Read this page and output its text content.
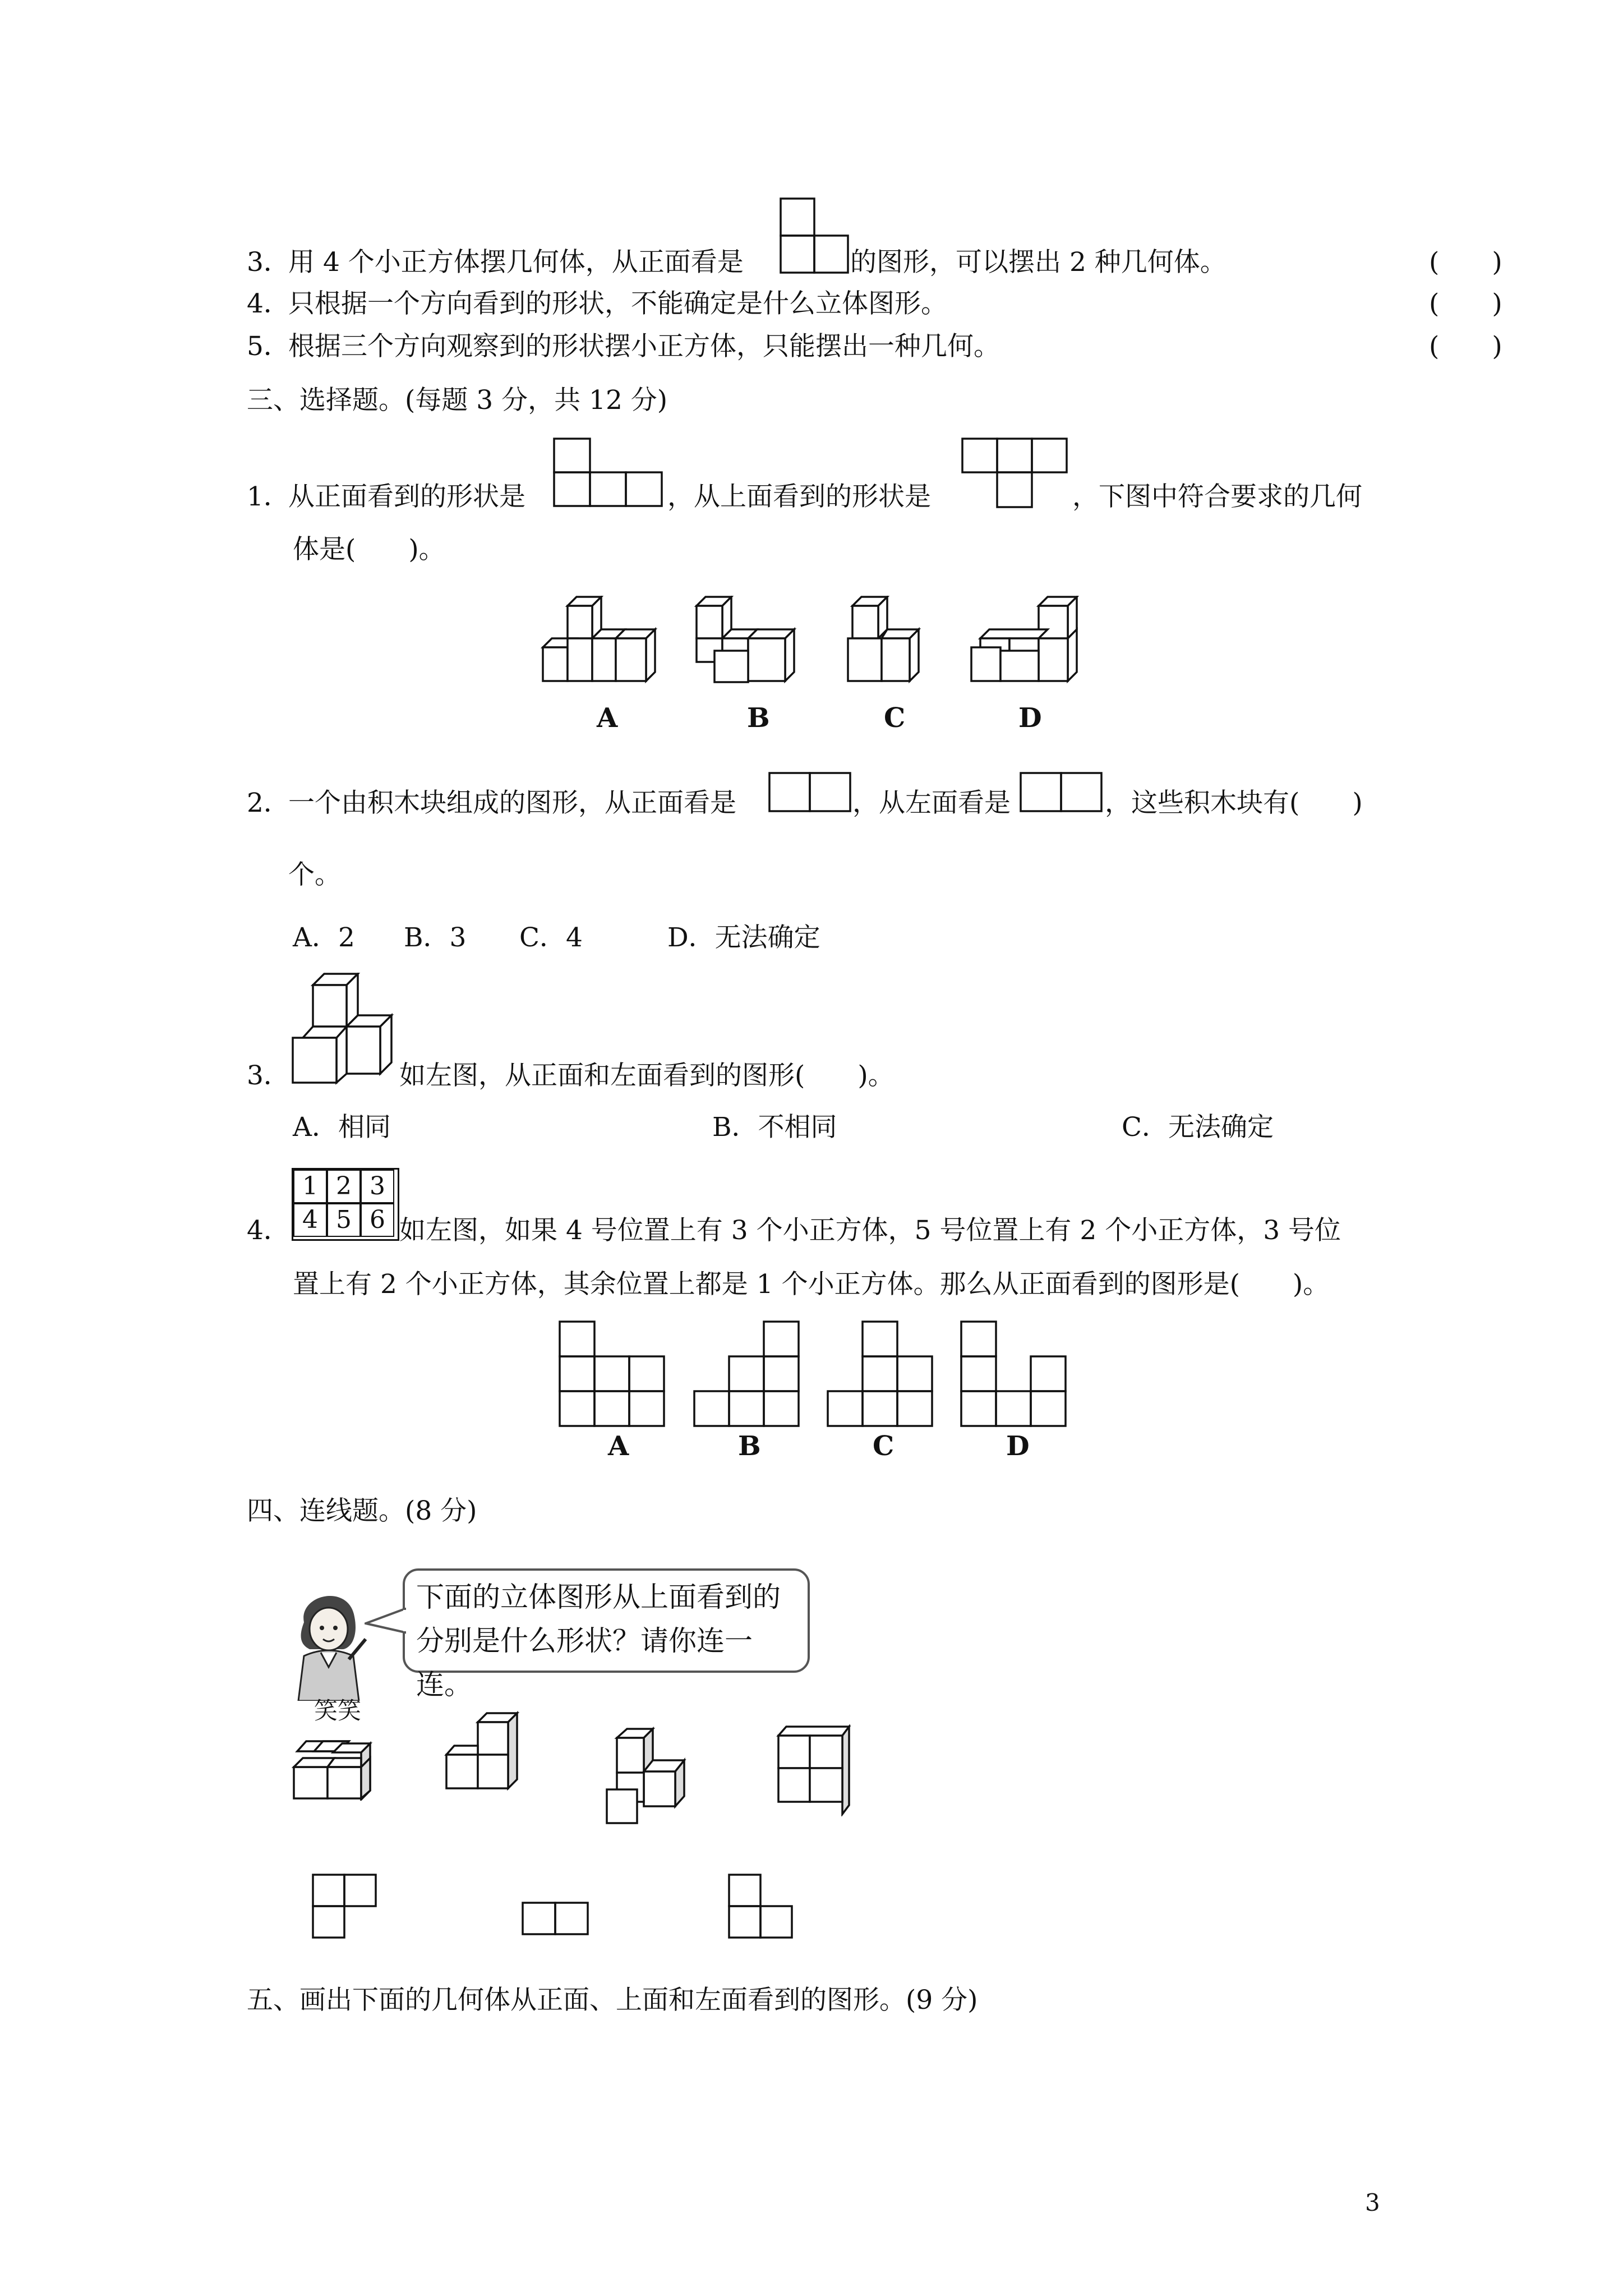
3．
用 4 个小正方体摆几何体，从正面看是	的图形，可以摆出 2 种几何体。	(　　)
4．
只根据一个方向看到的形状，不能确定是什么立体图形。	(　　)
5．
根据三个方向观察到的形状摆小正方体，只能摆出一种几何。	(　　)
三、选择题。(每题 3 分，共 12 分)
1．
从正面看到的形状是	，从上面看到的形状是	，下图中符合要求的几何
体是(　　)。
A	B	C	D
2．
一个由积木块组成的图形，从正面看是	，从左面看是	，这些积木块有(　　)
个。
A．2 B．3 C．4	D．无法确定
3．	如左图，从正面和左面看到的图形(　　)。
A．相同	B．不相同	C．无法确定
4．
1 2 3
4 5 6 如左图，如果 4 号位置上有 3 个小正方体，5 号位置上有 2 个小正方体，3 号位
置上有 2 个小正方体，其余位置上都是 1 个小正方体。那么从正面看到的图形是(　　)。
A	B	C	D
四、连线题。(8 分)
笑笑
下面的立体图形从上面看到的
分别是什么形状？请你连一连。
五、画出下面的几何体从正面、上面和左面看到的图形。(9 分)
3
